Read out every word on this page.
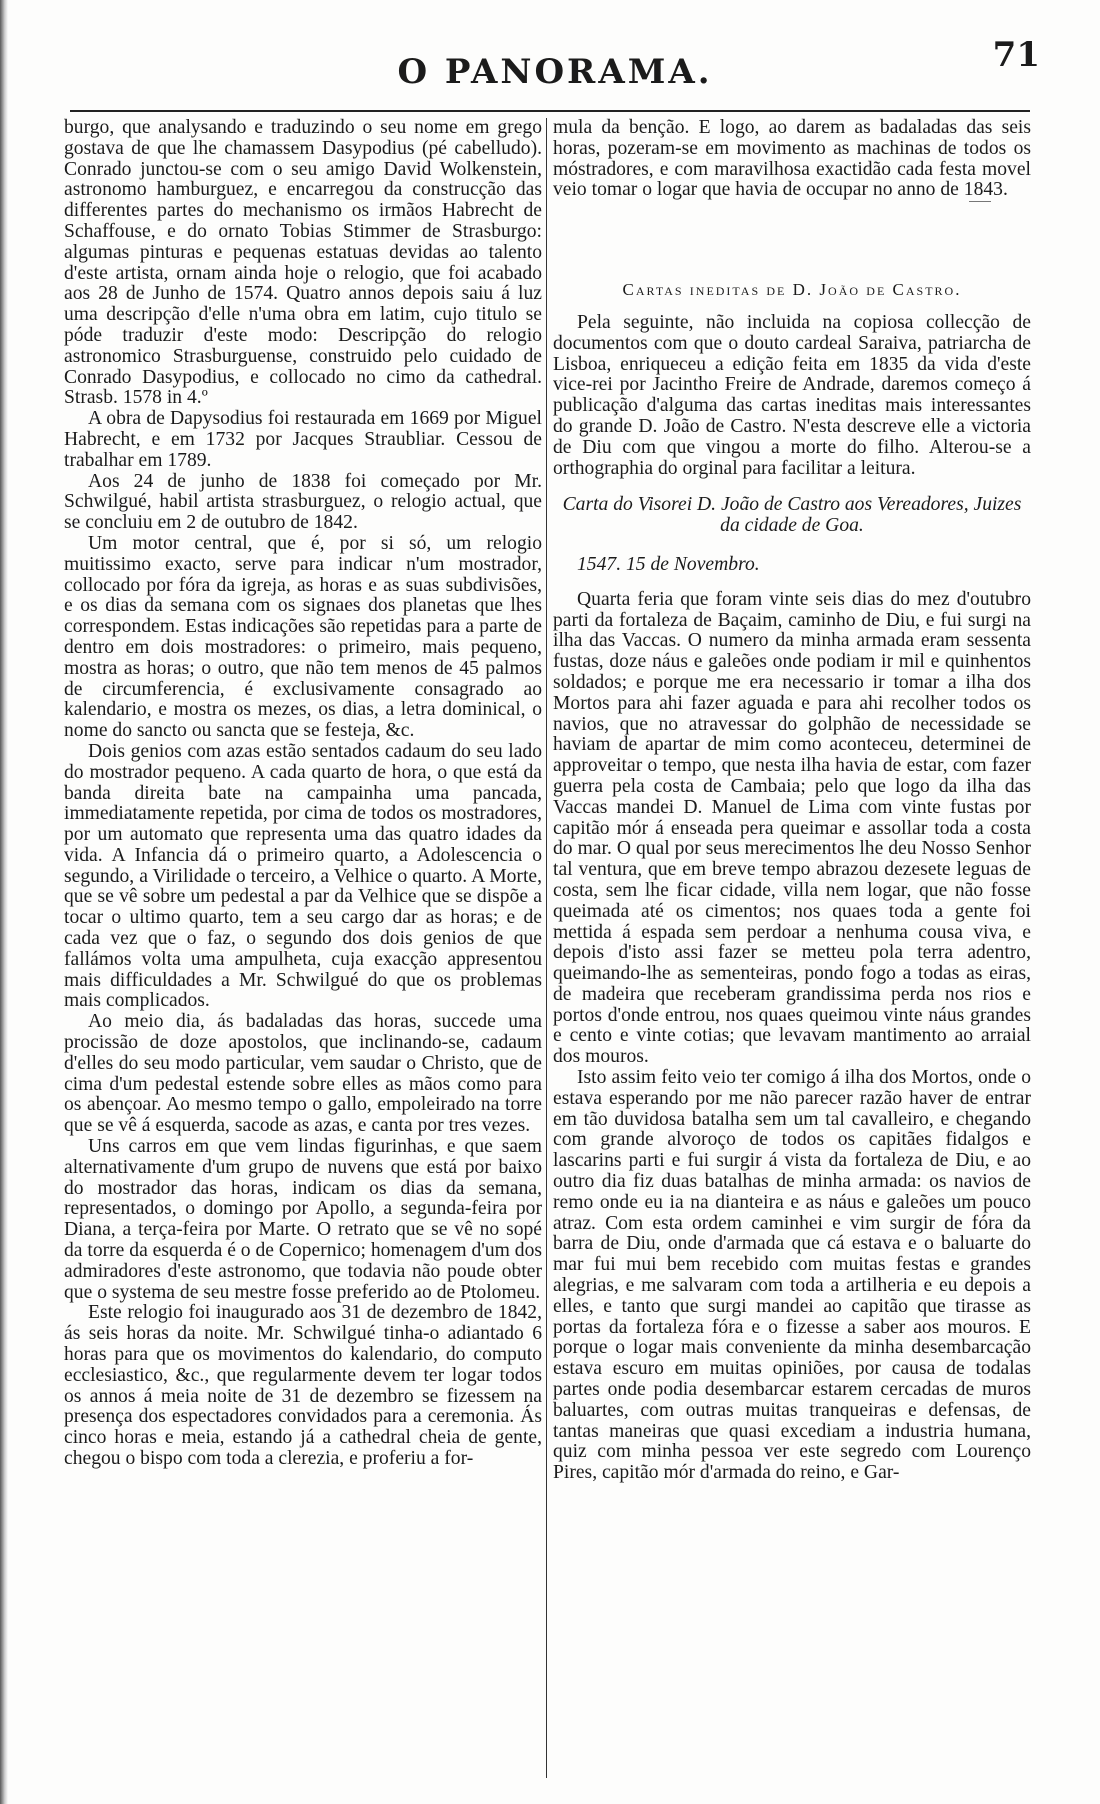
O PANORAMA.	71

burgo, que analysando e traduzindo o seu nome em grego gostava de que lhe chamassem Dasypodius (pé cabelludo). Conrado junctou-se com o seu amigo David Wolkenstein, astronomo hamburguez, e encarregou da construcção das differentes partes do mechanismo os irmãos Habrecht de Schaffouse, e do ornato Tobias Stimmer de Strasburgo: algumas pinturas e pequenas estatuas devidas ao talento d'este artista, ornam ainda hoje o relogio, que foi acabado aos 28 de Junho de 1574. Quatro annos depois saiu á luz uma descripção d'elle n'uma obra em latim, cujo titulo se póde traduzir d'este modo: Descripção do relogio astronomico Strasburguense, construido pelo cuidado de Conrado Dasypodius, e collocado no cimo da cathedral. Strasb. 1578 in 4.º

A obra de Dapysodius foi restaurada em 1669 por Miguel Habrecht, e em 1732 por Jacques Straubliar. Cessou de trabalhar em 1789.

Aos 24 de junho de 1838 foi começado por Mr. Schwilgué, habil artista strasburguez, o relogio actual, que se concluiu em 2 de outubro de 1842.

Um motor central, que é, por si só, um relogio muitissimo exacto, serve para indicar n'um mostrador, collocado por fóra da igreja, as horas e as suas subdivisões, e os dias da semana com os signaes dos planetas que lhes correspondem. Estas indicações são repetidas para a parte de dentro em dois mostradores: o primeiro, mais pequeno, mostra as horas; o outro, que não tem menos de 45 palmos de circumferencia, é exclusivamente consagrado ao kalendario, e mostra os mezes, os dias, a letra dominical, o nome do sancto ou sancta que se festeja, &c.

Dois genios com azas estão sentados cadaum do seu lado do mostrador pequeno. A cada quarto de hora, o que está da banda direita bate na campainha uma pancada, immediatamente repetida, por cima de todos os mostradores, por um automato que representa uma das quatro idades da vida. A Infancia dá o primeiro quarto, a Adolescencia o segundo, a Virilidade o terceiro, a Velhice o quarto. A Morte, que se vê sobre um pedestal a par da Velhice que se dispõe a tocar o ultimo quarto, tem a seu cargo dar as horas; e de cada vez que o faz, o segundo dos dois genios de que fallámos volta uma ampulheta, cuja exacção appresentou mais difficuldades a Mr. Schwilgué do que os problemas mais complicados.

Ao meio dia, ás badaladas das horas, succede uma procissão de doze apostolos, que inclinando-se, cadaum d'elles do seu modo particular, vem saudar o Christo, que de cima d'um pedestal estende sobre elles as mãos como para os abençoar. Ao mesmo tempo o gallo, empoleirado na torre que se vê á esquerda, sacode as azas, e canta por tres vezes.

Uns carros em que vem lindas figurinhas, e que saem alternativamente d'um grupo de nuvens que está por baixo do mostrador das horas, indicam os dias da semana, representados, o domingo por Apollo, a segunda-feira por Diana, a terça-feira por Marte. O retrato que se vê no sopé da torre da esquerda é o de Copernico; homenagem d'um dos admiradores d'este astronomo, que todavia não poude obter que o systema de seu mestre fosse preferido ao de Ptolomeu.

Este relogio foi inaugurado aos 31 de dezembro de 1842, ás seis horas da noite. Mr. Schwilgué tinha-o adiantado 6 horas para que os movimentos do kalendario, do computo ecclesiastico, &c., que regularmente devem ter logar todos os annos á meia noite de 31 de dezembro se fizessem na presença dos espectadores convidados para a ceremonia. Ás cinco horas e meia, estando já a cathedral cheia de gente, chegou o bispo com toda a clerezia, e proferiu a for-

mula da benção. E logo, ao darem as badaladas das seis horas, pozeram-se em movimento as machinas de todos os móstradores, e com maravilhosa exactidão cada festa movel veio tomar o logar que havia de occupar no anno de 1843.

Cartas ineditas de D. João de Castro.

Pela seguinte, não incluida na copiosa collecção de documentos com que o douto cardeal Saraiva, patriarcha de Lisboa, enriqueceu a edição feita em 1835 da vida d'este vice-rei por Jacintho Freire de Andrade, daremos começo á publicação d'alguma das cartas ineditas mais interessantes do grande D. João de Castro. N'esta descreve elle a victoria de Diu com que vingou a morte do filho. Alterou-se a orthographia do orginal para facilitar a leitura.

Carta do Visorei D. João de Castro aos Vereadores, Juizes da cidade de Goa.
1547. 15 de Novembro.

Quarta feria que foram vinte seis dias do mez d'outubro parti da fortaleza de Baçaim, caminho de Diu, e fui surgi na ilha das Vaccas. O numero da minha armada eram sessenta fustas, doze náus e galeões onde podiam ir mil e quinhentos soldados; e porque me era necessario ir tomar a ilha dos Mortos para ahi fazer aguada e para ahi recolher todos os navios, que no atravessar do golphão de necessidade se haviam de apartar de mim como aconteceu, determinei de approveitar o tempo, que nesta ilha havia de estar, com fazer guerra pela costa de Cambaia; pelo que logo da ilha das Vaccas mandei D. Manuel de Lima com vinte fustas por capitão mór á enseada pera queimar e assollar toda a costa do mar. O qual por seus merecimentos lhe deu Nosso Senhor tal ventura, que em breve tempo abrazou dezesete leguas de costa, sem lhe ficar cidade, villa nem logar, que não fosse queimada até os cimentos; nos quaes toda a gente foi mettida á espada sem perdoar a nenhuma cousa viva, e depois d'isto assi fazer se metteu pola terra adentro, queimando-lhe as sementeiras, pondo fogo a todas as eiras, de madeira que receberam grandissima perda nos rios e portos d'onde entrou, nos quaes queimou vinte náus grandes e cento e vinte cotias; que levavam mantimento ao arraial dos mouros.

Isto assim feito veio ter comigo á ilha dos Mortos, onde o estava esperando por me não parecer razão haver de entrar em tão duvidosa batalha sem um tal cavalleiro, e chegando com grande alvoroço de todos os capitães fidalgos e lascarins parti e fui surgir á vista da fortaleza de Diu, e ao outro dia fiz duas batalhas de minha armada: os navios de remo onde eu ia na dianteira e as náus e galeões um pouco atraz. Com esta ordem caminhei e vim surgir de fóra da barra de Diu, onde d'armada que cá estava e o baluarte do mar fui mui bem recebido com muitas festas e grandes alegrias, e me salvaram com toda a artilheria e eu depois a elles, e tanto que surgi mandei ao capitão que tirasse as portas da fortaleza fóra e o fizesse a saber aos mouros. E porque o logar mais conveniente da minha desembarcação estava escuro em muitas opiniões, por causa de todalas partes onde podia desembarcar estarem cercadas de muros baluartes, com outras muitas tranqueiras e defensas, de tantas maneiras que quasi excediam a industria humana, quiz com minha pessoa ver este segredo com Lourenço Pires, capitão mór d'armada do reino, e Gar-
